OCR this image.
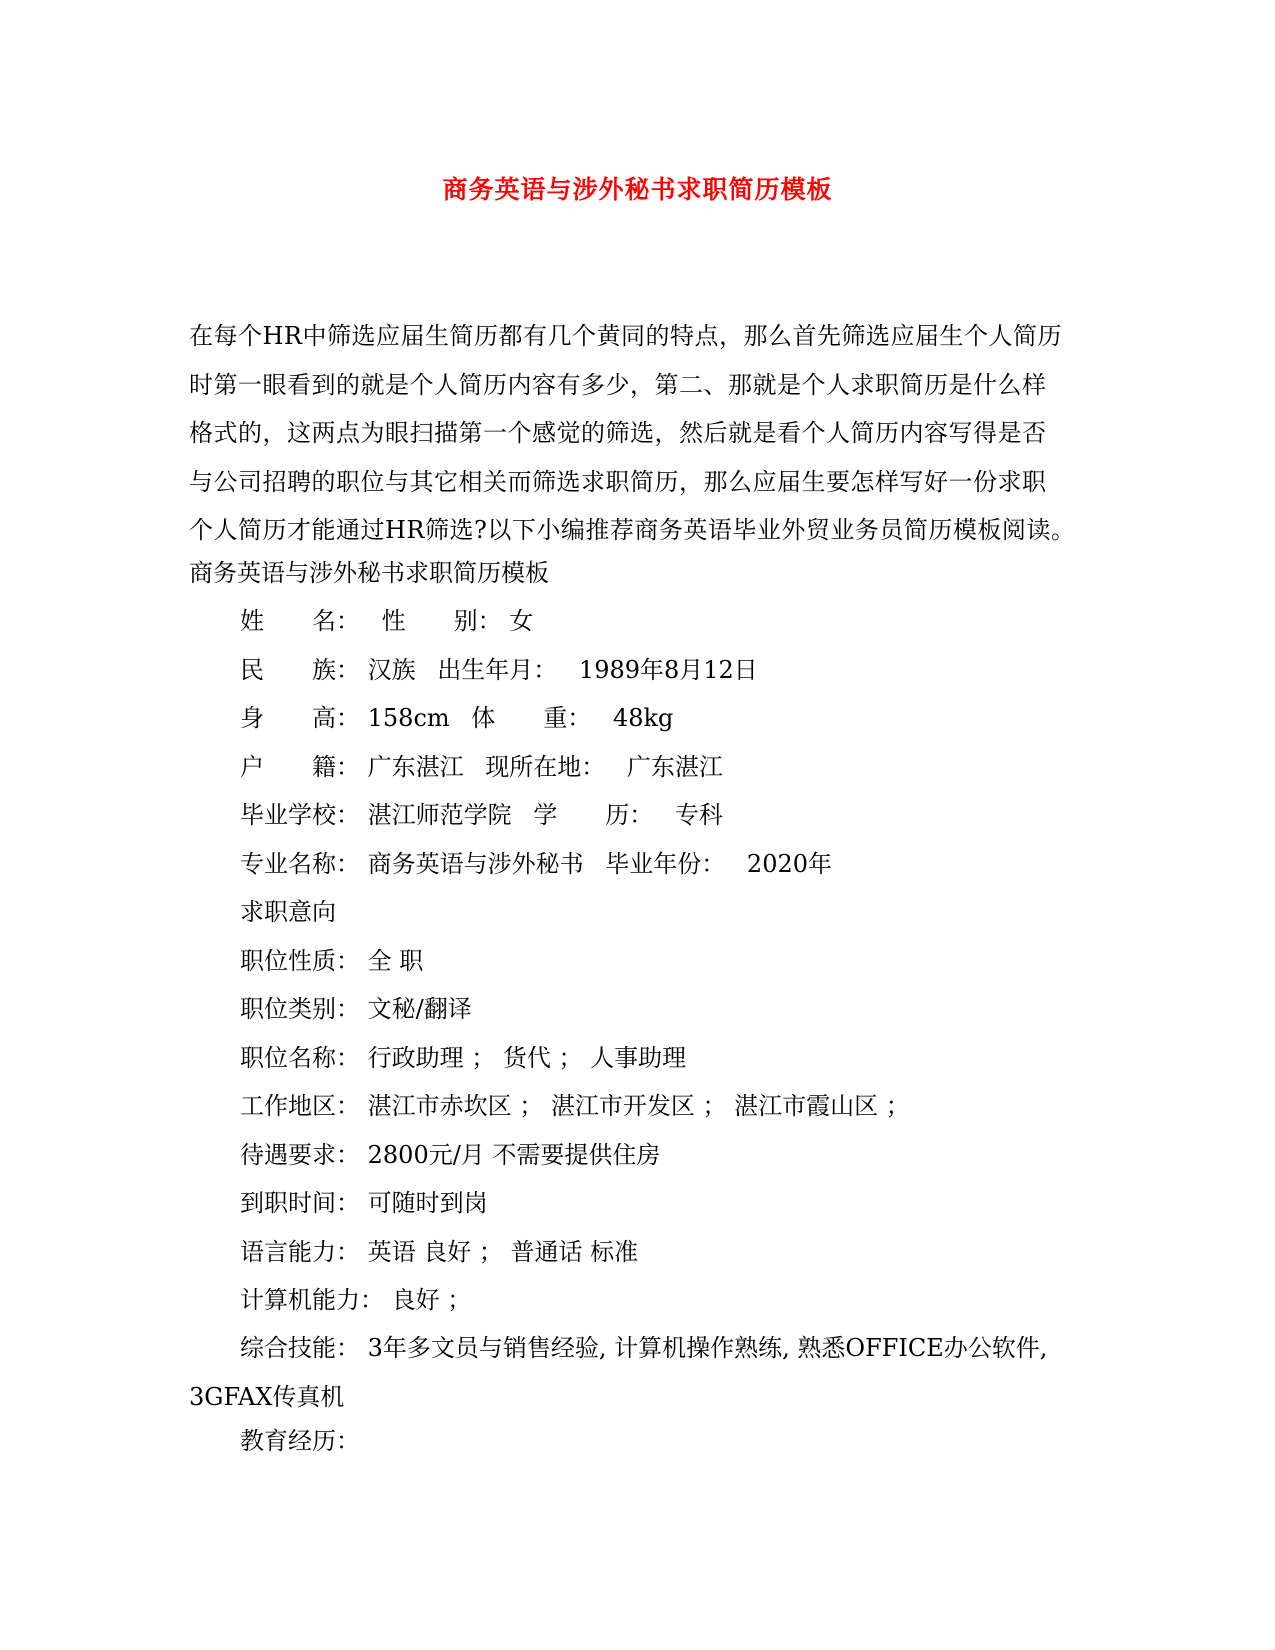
商务英语与涉外秘书求职简历模板

在每个HR中筛选应届生简历都有几个黄同的特点，那么首先筛选应届生个人简历

时第一眼看到的就是个人简历内容有多少，第二、那就是个人求职简历是什么样

格式的，这两点为眼扫描第一个感觉的筛选，然后就是看个人简历内容写得是否

与公司招聘的职位与其它相关而筛选求职简历，那么应届生要怎样写好一份求职

个人简历才能通过HR筛选?以下小编推荐商务英语毕业外贸业务员简历模板阅读。

商务英语与涉外秘书求职简历模板
姓　　名： 性　　别： 女
民　　族： 汉族 出生年月： 1989年8月12日
身　　高： 158cm 体　　重： 48kg
户　　籍： 广东湛江 现所在地： 广东湛江
毕业学校： 湛江师范学院 学　　历： 专科
专业名称： 商务英语与涉外秘书 毕业年份： 2020年
求职意向
职位性质： 全 职
职位类别： 文秘/翻译
职位名称： 行政助理 ； 货代 ； 人事助理
工作地区： 湛江市赤坎区 ； 湛江市开发区 ； 湛江市霞山区 ；
待遇要求： 2800元/月 不需要提供住房
到职时间： 可随时到岗
语言能力： 英语 良好 ； 普通话 标准
计算机能力： 良好 ；
综合技能： 3年多文员与销售经验, 计算机操作熟练, 熟悉OFFICE办公软件,
3GFAX传真机
教育经历：
